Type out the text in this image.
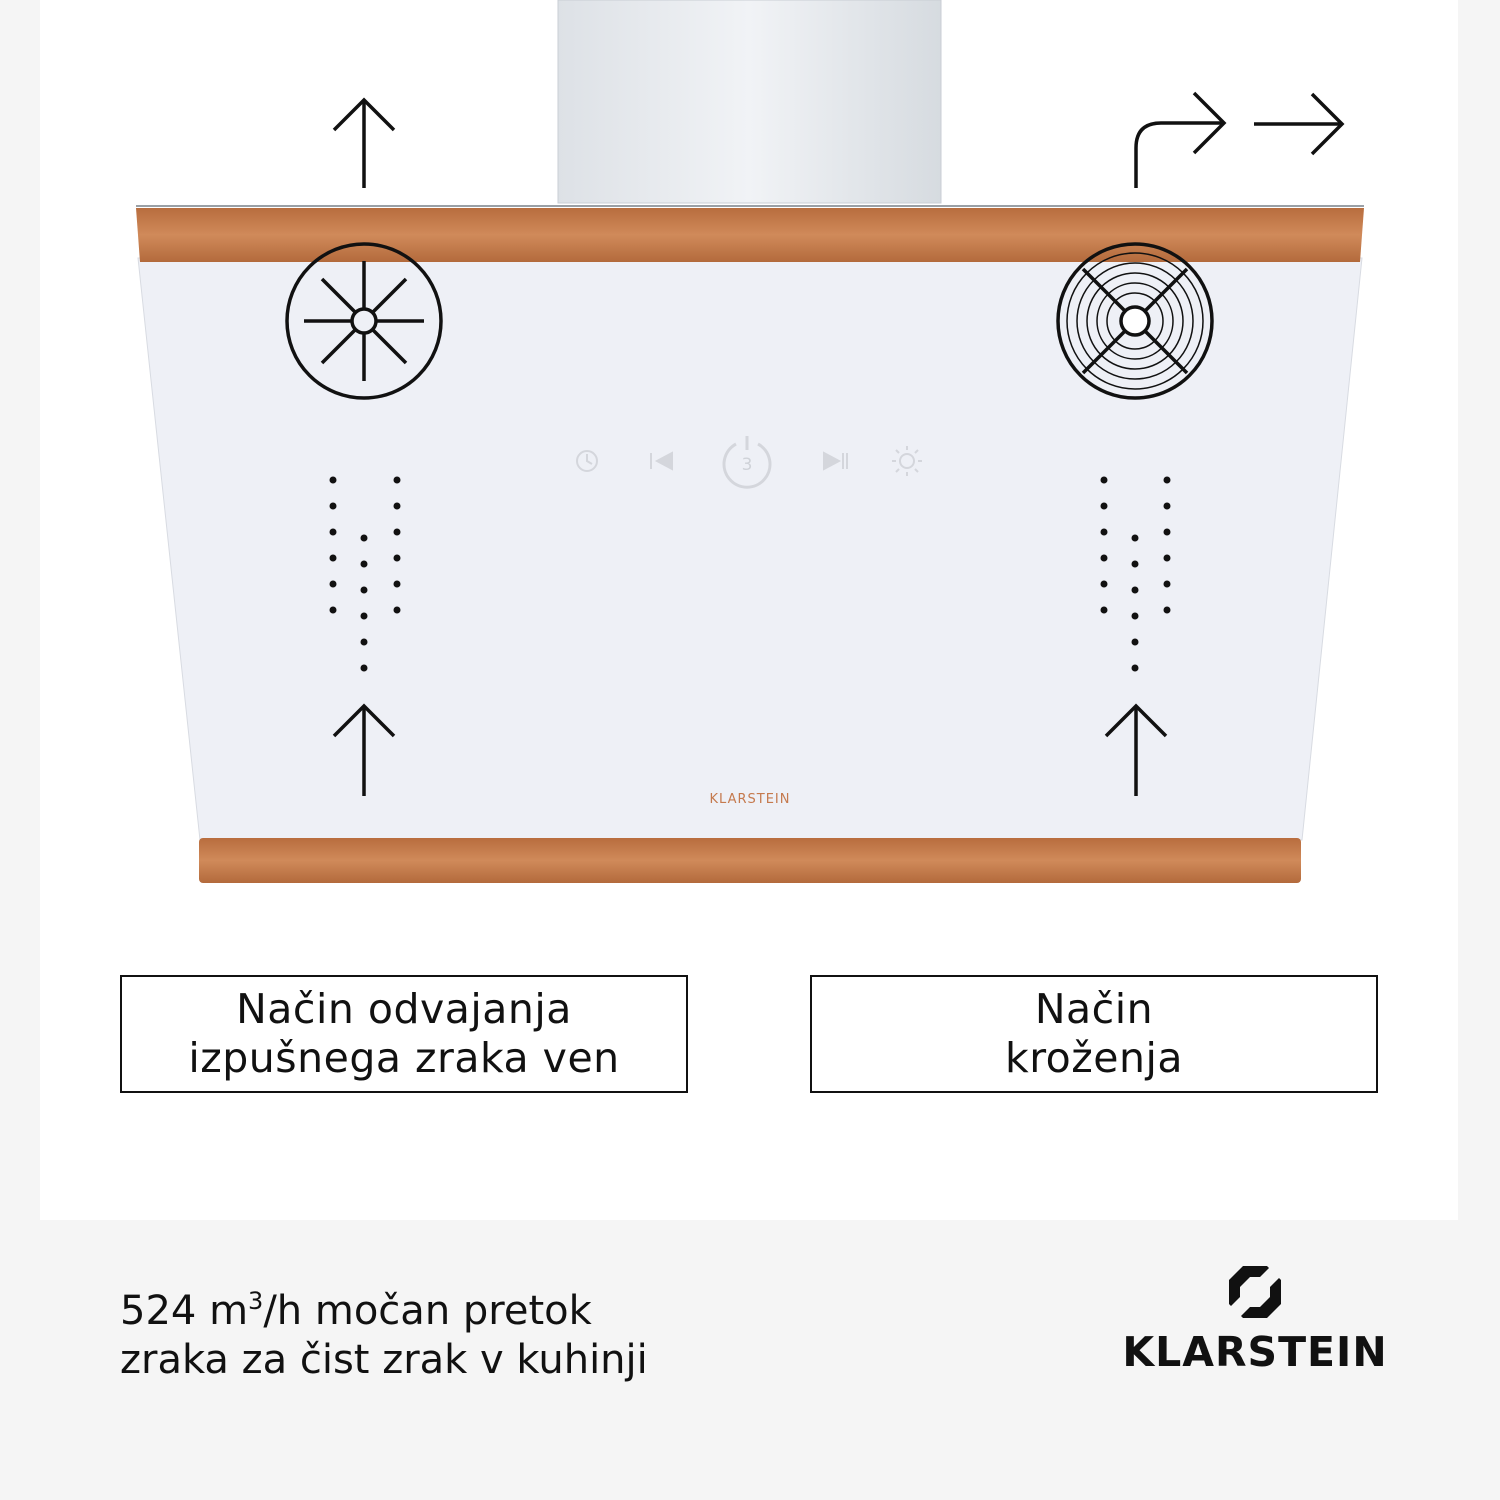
3
KLARSTEIN
Način odvajanja
izpušnega zraka ven
Način
kroženja
524 $m^3/h$ močan pretok
zraka za čist zrak v kuhinji	KLARSTEIN
